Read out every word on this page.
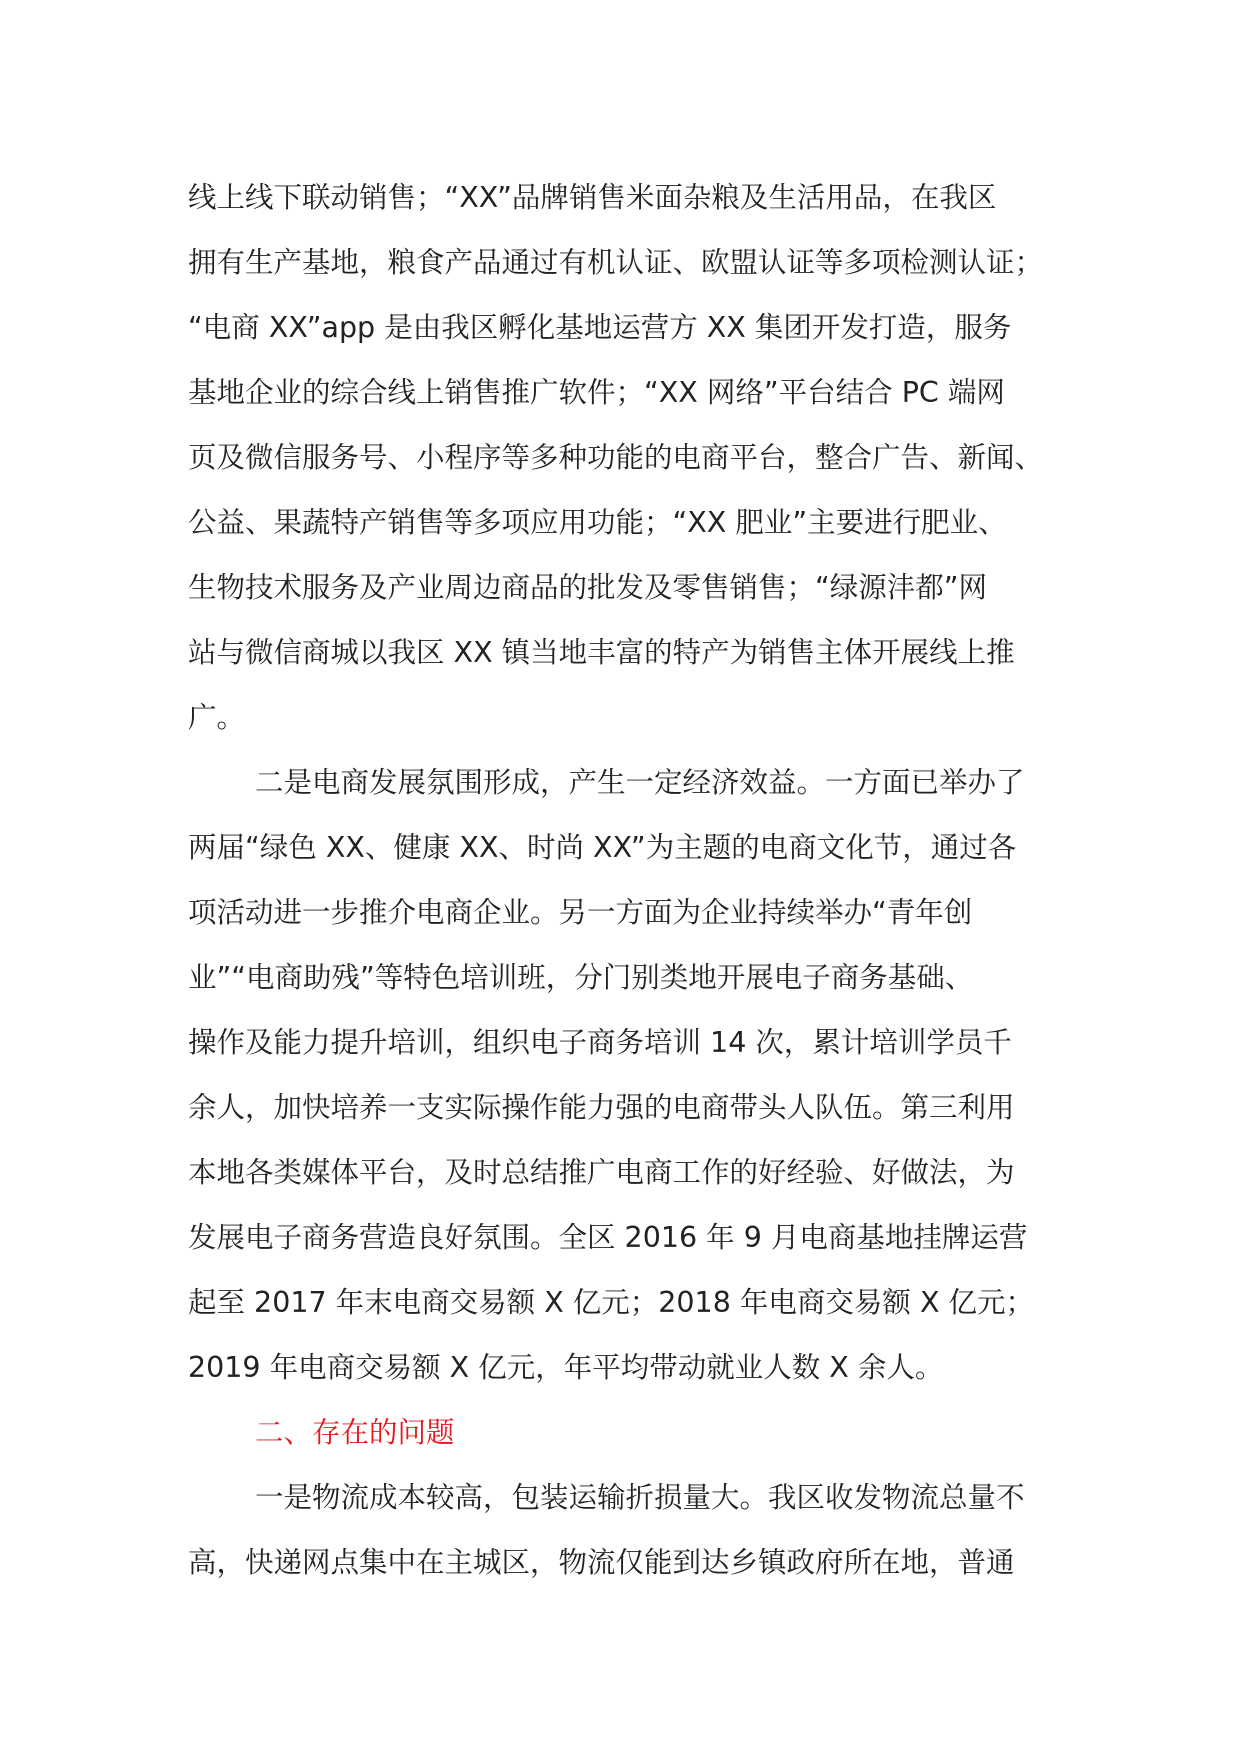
线上线下联动销售；“XX”品牌销售米面杂粮及生活用品，在我区
拥有生产基地，粮食产品通过有机认证、欧盟认证等多项检测认证；
“电商 XX”app 是由我区孵化基地运营方 XX 集团开发打造，服务
基地企业的综合线上销售推广软件；“XX 网络”平台结合 PC 端网
页及微信服务号、小程序等多种功能的电商平台，整合广告、新闻、
公益、果蔬特产销售等多项应用功能；“XX 肥业”主要进行肥业、
生物技术服务及产业周边商品的批发及零售销售；“绿源沣都”网
站与微信商城以我区 XX 镇当地丰富的特产为销售主体开展线上推
广。
二是电商发展氛围形成，产生一定经济效益。一方面已举办了
两届“绿色 XX、健康 XX、时尚 XX”为主题的电商文化节，通过各
项活动进一步推介电商企业。另一方面为企业持续举办“青年创
业”“电商助残”等特色培训班，分门别类地开展电子商务基础、
操作及能力提升培训，组织电子商务培训 14 次，累计培训学员千
余人，加快培养一支实际操作能力强的电商带头人队伍。第三利用
本地各类媒体平台，及时总结推广电商工作的好经验、好做法，为
发展电子商务营造良好氛围。全区 2016 年 9 月电商基地挂牌运营
起至 2017 年末电商交易额 X 亿元；2018 年电商交易额 X 亿元；
2019 年电商交易额 X 亿元，年平均带动就业人数 X 余人。
二、存在的问题
一是物流成本较高，包装运输折损量大。我区收发物流总量不
高，快递网点集中在主城区，物流仅能到达乡镇政府所在地，普通
